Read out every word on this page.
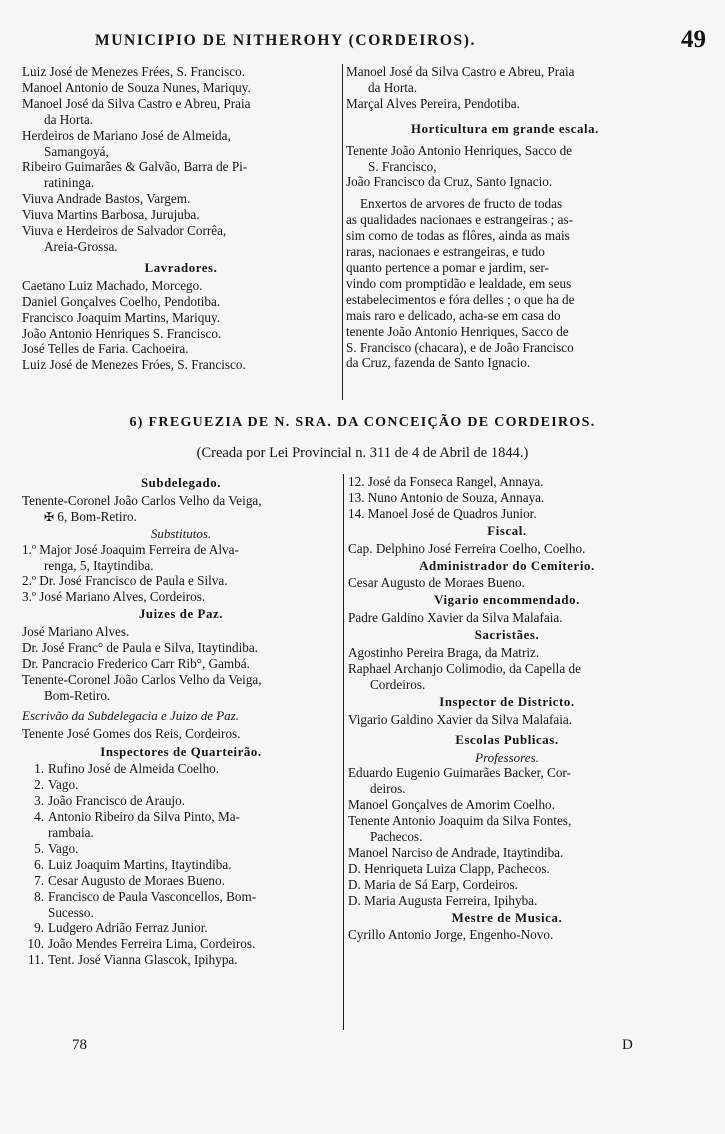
MUNICIPIO DE NITHEROHY (CORDEIROS).	49
Luiz José de Menezes Frées, S. Francisco.
Manoel Antonio de Souza Nunes, Mariquy.
Manoel José da Silva Castro e Abreu, Praia
da Horta.
Herdeiros de Mariano José de Almeida,
Samangoyá,
Ribeiro Guimarães & Galvão, Barra de Pi-
ratininga.
Viuva Andrade Bastos, Vargem.
Viuva Martins Barbosa, Jurujuba.
Viuva e Herdeiros de Salvador Corrêa,
Areia-Grossa.
Lavradores.
Caetano Luiz Machado, Morcego.
Daniel Gonçalves Coelho, Pendotiba.
Francisco Joaquim Martins, Mariquy.
João Antonio Henriques S. Francisco.
José Telles de Faria. Cachoeira.
Luiz José de Menezes Fróes, S. Francisco.
Manoel José da Silva Castro e Abreu, Praia
da Horta.
Marçal Alves Pereira, Pendotiba.
Horticultura em grande escala.
Tenente João Antonio Henriques, Sacco de
S. Francisco,
João Francisco da Cruz, Santo Ignacio.
Enxertos de arvores de fructo de todas
as qualidades nacionaes e estrangeiras ; as-
sim como de todas as flôres, ainda as mais
raras, nacionaes e estrangeiras, e tudo
quanto pertence a pomar e jardim, ser-
vindo com promptidão e lealdade, em seus
estabelecimentos e fóra delles ; o que ha de
mais raro e delicado, acha-se em casa do
tenente João Antonio Henriques, Sacco de
S. Francisco (chacara), e de João Francisco
da Cruz, fazenda de Santo Ignacio.
6) FREGUEZIA DE N. SRA. DA CONCEIÇÃO DE CORDEIROS.
(Creada por Lei Provincial n. 311 de 4 de Abril de 1844.)
Subdelegado.
Tenente-Coronel João Carlos Velho da Veiga,
✠ 6, Bom-Retiro.
Substitutos.
1.º Major José Joaquim Ferreira de Alva-
renga, 5, Itaytindiba.
2.º Dr. José Francisco de Paula e Silva.
3.º José Mariano Alves, Cordeiros.
Juizes de Paz.
José Mariano Alves.
Dr. José Franc° de Paula e Silva, Itaytindiba.
Dr. Pancracio Frederico Carr Rib°, Gambá.
Tenente-Coronel João Carlos Velho da Veiga,
Bom-Retiro.
Escrivão da Subdelegacia e Juizo de Paz.
Tenente José Gomes dos Reis, Cordeiros.
Inspectores de Quarteirão.
1. Rufino José de Almeida Coelho.
2. Vago.
3. João Francisco de Araujo.
4. Antonio Ribeiro da Silva Pinto, Ma-
rambaia.
5. Vago.
6. Luiz Joaquim Martins, Itaytindiba.
7. Cesar Augusto de Moraes Bueno.
8. Francisco de Paula Vasconcellos, Bom-
Sucesso.
9. Ludgero Adrião Ferraz Junior.
10. João Mendes Ferreira Lima, Cordeiros.
11. Tent. José Vianna Glascok, Ipihypa.
12. José da Fonseca Rangel, Annaya.
13. Nuno Antonio de Souza, Annaya.
14. Manoel José de Quadros Junior.
Fiscal.
Cap. Delphino José Ferreira Coelho, Coelho.
Administrador do Cemiterio.
Cesar Augusto de Moraes Bueno.
Vigario encommendado.
Padre Galdino Xavier da Silva Malafaia.
Sacristães.
Agostinho Pereira Braga, da Matriz.
Raphael Archanjo Colimodio, da Capella de
Cordeiros.
Inspector de Districto.
Vigario Galdino Xavier da Silva Malafaia.
Escolas Publicas.
Professores.
Eduardo Eugenio Guimarães Backer, Cor-
deiros.
Manoel Gonçalves de Amorim Coelho.
Tenente Antonio Joaquim da Silva Fontes,
Pachecos.
Manoel Narciso de Andrade, Itaytindiba.
D. Henriqueta Luiza Clapp, Pachecos.
D. Maria de Sá Earp, Cordeiros.
D. Maria Augusta Ferreira, Ipihyba.
Mestre de Musica.
Cyrillo Antonio Jorge, Engenho-Novo.
78	D
